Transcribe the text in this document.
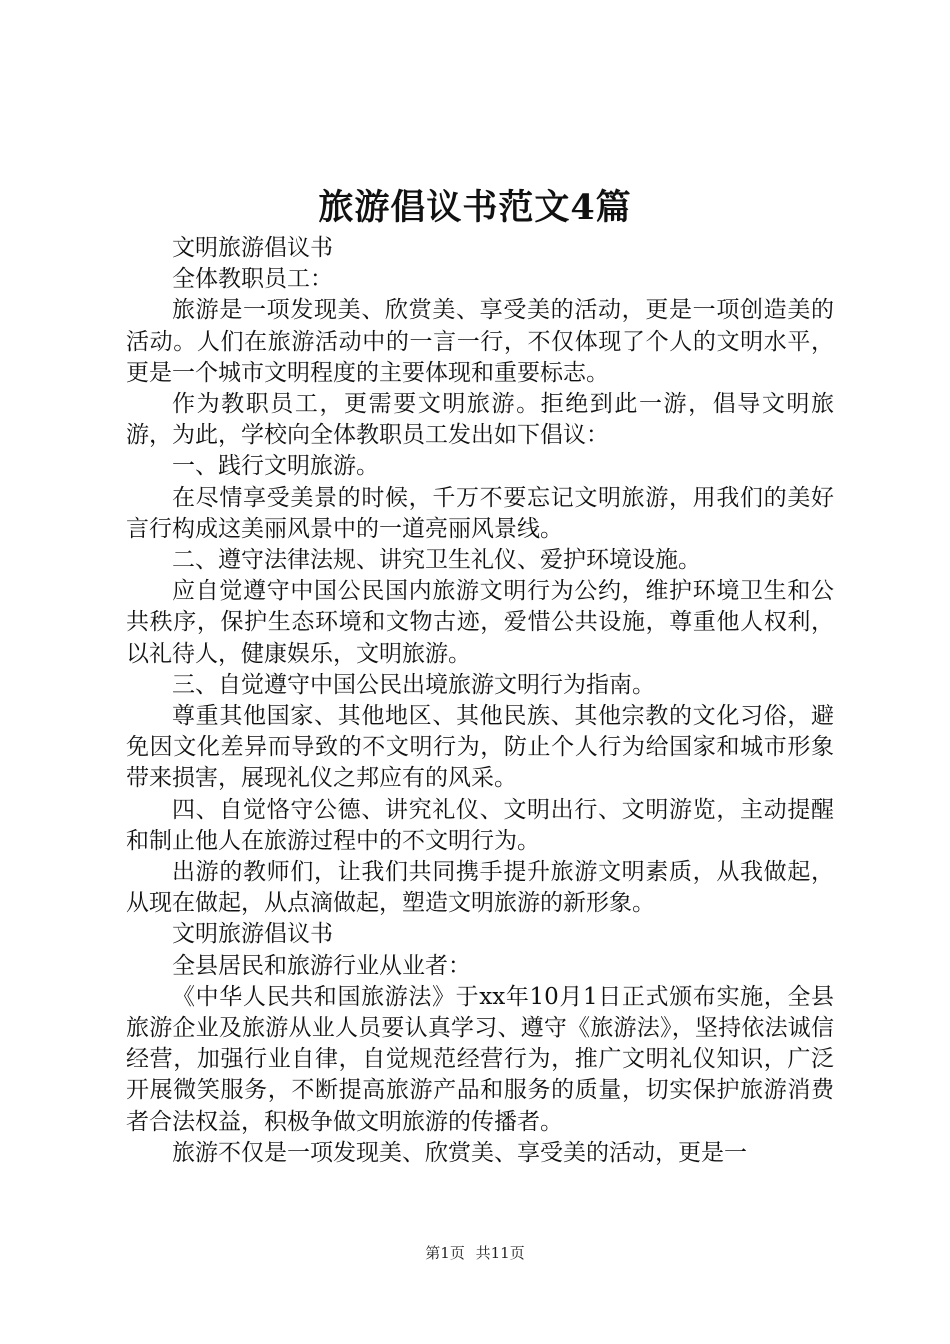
旅游倡议书范文4篇

文明旅游倡议书

全体教职员工：

旅游是一项发现美、欣赏美、享受美的活动，更是一项创造美的活动。人们在旅游活动中的一言一行，不仅体现了个人的文明水平，更是一个城市文明程度的主要体现和重要标志。

作为教职员工，更需要文明旅游。拒绝到此一游，倡导文明旅游，为此，学校向全体教职员工发出如下倡议：

一、践行文明旅游。

在尽情享受美景的时候，千万不要忘记文明旅游，用我们的美好言行构成这美丽风景中的一道亮丽风景线。

二、遵守法律法规、讲究卫生礼仪、爱护环境设施。

应自觉遵守中国公民国内旅游文明行为公约，维护环境卫生和公共秩序，保护生态环境和文物古迹，爱惜公共设施，尊重他人权利，以礼待人，健康娱乐，文明旅游。

三、自觉遵守中国公民出境旅游文明行为指南。

尊重其他国家、其他地区、其他民族、其他宗教的文化习俗，避免因文化差异而导致的不文明行为，防止个人行为给国家和城市形象带来损害，展现礼仪之邦应有的风采。

四、自觉恪守公德、讲究礼仪、文明出行、文明游览，主动提醒和制止他人在旅游过程中的不文明行为。

出游的教师们，让我们共同携手提升旅游文明素质，从我做起，从现在做起，从点滴做起，塑造文明旅游的新形象。

文明旅游倡议书

全县居民和旅游行业从业者：

《中华人民共和国旅游法》于xx年10月1日正式颁布实施，全县旅游企业及旅游从业人员要认真学习、遵守《旅游法》，坚持依法诚信经营，加强行业自律，自觉规范经营行为，推广文明礼仪知识，广泛开展微笑服务，不断提高旅游产品和服务的质量，切实保护旅游消费者合法权益，积极争做文明旅游的传播者。

旅游不仅是一项发现美、欣赏美、享受美的活动，更是一

第1页 共11页
